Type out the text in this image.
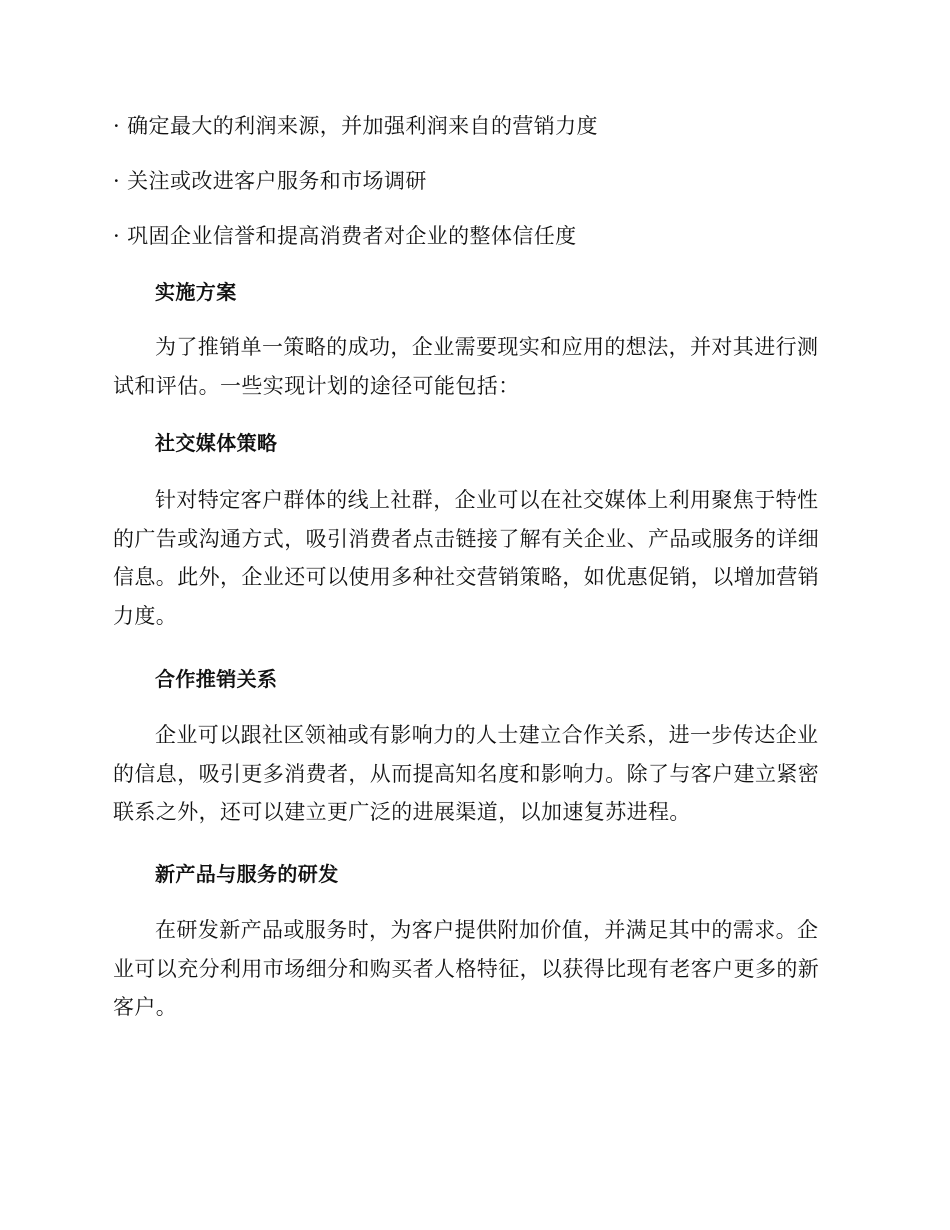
· 确定最大的利润来源，并加强利润来自的营销力度

· 关注或改进客户服务和市场调研

· 巩固企业信誉和提高消费者对企业的整体信任度

实施方案

为了推销单一策略的成功，企业需要现实和应用的想法，并对其进行测试和评估。一些实现计划的途径可能包括：

社交媒体策略

针对特定客户群体的线上社群，企业可以在社交媒体上利用聚焦于特性的广告或沟通方式，吸引消费者点击链接了解有关企业、产品或服务的详细信息。此外，企业还可以使用多种社交营销策略，如优惠促销，以增加营销力度。

合作推销关系

企业可以跟社区领袖或有影响力的人士建立合作关系，进一步传达企业的信息，吸引更多消费者，从而提高知名度和影响力。除了与客户建立紧密联系之外，还可以建立更广泛的进展渠道，以加速复苏进程。

新产品与服务的研发

在研发新产品或服务时，为客户提供附加价值，并满足其中的需求。企业可以充分利用市场细分和购买者人格特征，以获得比现有老客户更多的新客户。
